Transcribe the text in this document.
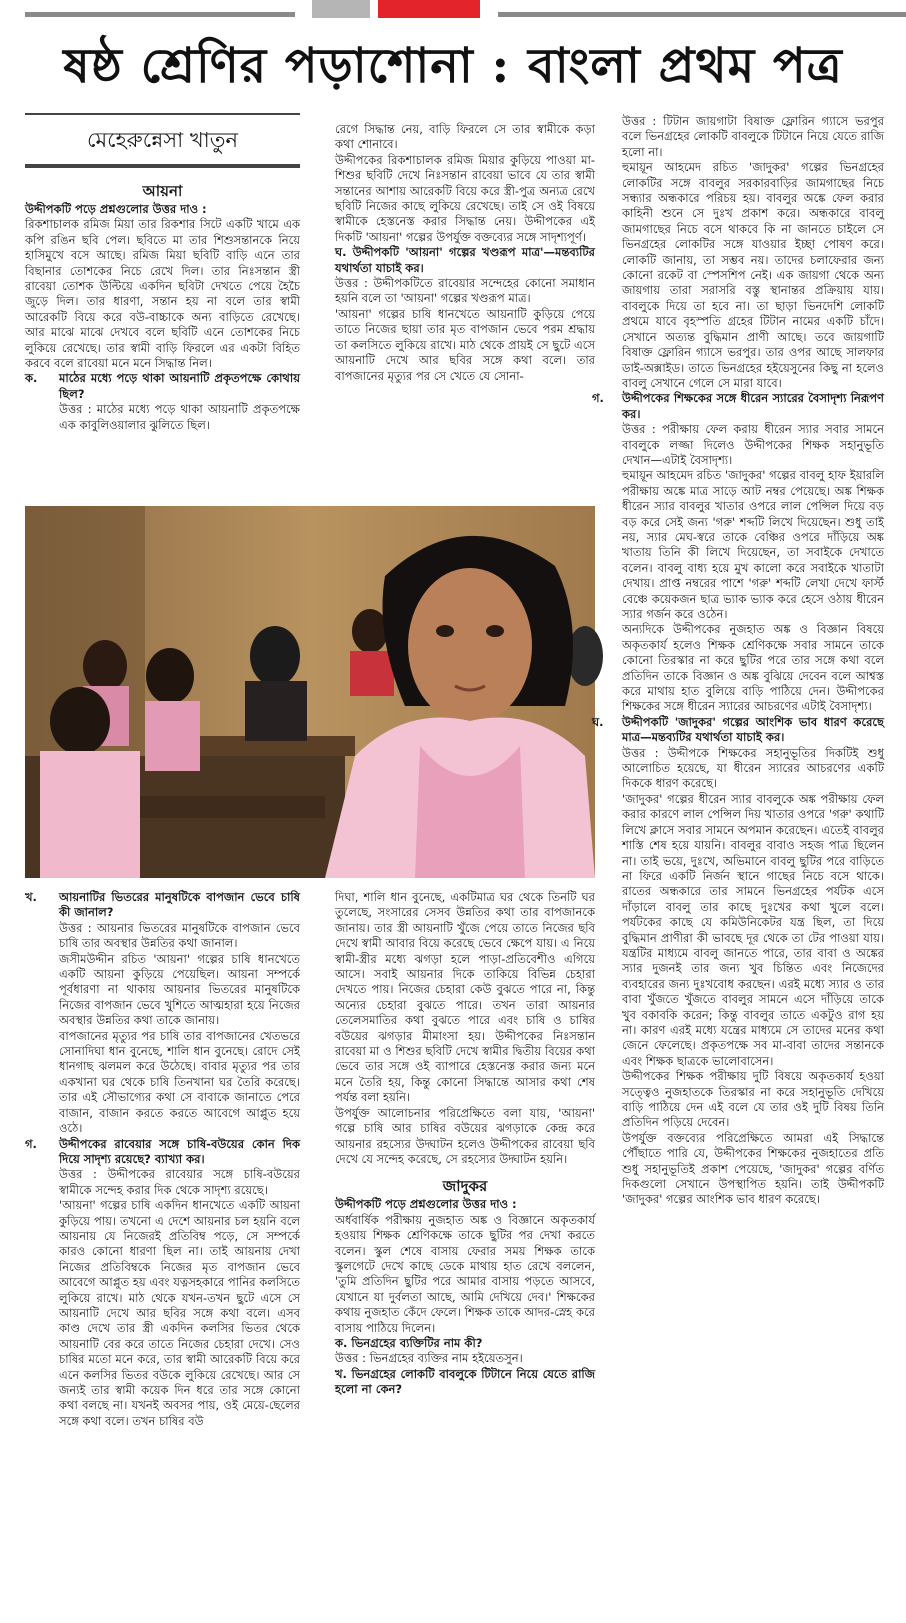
ষষ্ঠ শ্রেণির পড়াশোনা : বাংলা প্রথম পত্র
মেহেরুন্নেসা খাতুন

আয়না

উদ্দীপকটি পড়ে প্রশ্নগুলোর উত্তর দাও :

রিকশাচালক রমিজ মিয়া তার রিকশার সিটে একটি খামে এক কপি রঙিন ছবি পেল। ছবিতে মা তার শিশুসন্তানকে নিয়ে হাসিমুখে বসে আছে। রমিজ মিয়া ছবিটি বাড়ি এনে তার বিছানার তোশকের নিচে রেখে দিল। তার নিঃসন্তান স্ত্রী রাবেয়া তোশক উল্টিয়ে একদিন ছবিটা দেখতে পেয়ে হৈচৈ জুড়ে দিল। তার ধারণা, সন্তান হয় না বলে তার স্বামী আরেকটি বিয়ে করে বউ-বাচ্চাকে অন্য বাড়িতে রেখেছে। আর মাঝে মাঝে দেখবে বলে ছবিটি এনে তোশকের নিচে লুকিয়ে রেখেছে। তার স্বামী বাড়ি ফিরলে এর একটা বিহিত করবে বলে রাবেয়া মনে মনে সিদ্ধান্ত নিল।

ক.	মাঠের মধ্যে পড়ে থাকা আয়নাটি প্রকৃতপক্ষে কোথায় ছিল?

উত্তর : মাঠের মধ্যে পড়ে থাকা আয়নাটি প্রকৃতপক্ষে এক কাবুলিওয়ালার ঝুলিতে ছিল।

রেগে সিদ্ধান্ত নেয়, বাড়ি ফিরলে সে তার স্বামীকে কড়া কথা শোনাবে।

উদ্দীপকের রিকশাচালক রমিজ মিয়ার কুড়িয়ে পাওয়া মা-শিশুর ছবিটি দেখে নিঃসন্তান রাবেয়া ভাবে যে তার স্বামী সন্তানের আশায় আরেকটি বিয়ে করে স্ত্রী-পুত্র অন্যত্র রেখে ছবিটি নিজের কাছে লুকিয়ে রেখেছে। তাই সে ওই বিষয়ে স্বামীকে হেস্তনেস্ত করার সিদ্ধান্ত নেয়। উদ্দীপকের এই দিকটি 'আয়না' গল্পের উপর্যুক্ত বক্তব্যের সঙ্গে সাদৃশ্যপূর্ণ।

ঘ. উদ্দীপকটি 'আয়না' গল্পের খণ্ডরূপ মাত্র'—মন্তব্যটির যথার্থতা যাচাই কর।

উত্তর : উদ্দীপকটিতে রাবেয়ার সন্দেহের কোনো সমাধান হয়নি বলে তা 'আয়না' গল্পের খণ্ডরূপ মাত্র।

'আয়না' গল্পের চাষি ধানখেতে আয়নাটি কুড়িয়ে পেয়ে তাতে নিজের ছায়া তার মৃত বাপজান ভেবে পরম শ্রদ্ধায় তা কলসিতে লুকিয়ে রাখে। মাঠ থেকে প্রায়ই সে ছুটে এসে আয়নাটি দেখে আর ছবির সঙ্গে কথা বলে। তার বাপজানের মৃত্যুর পর সে খেতে যে সোনা-

উত্তর : টিটান জায়গাটা বিষাক্ত ফ্লোরিন গ্যাসে ভরপুর বলে ভিনগ্রহের লোকটি বাবলুকে টিটানে নিয়ে যেতে রাজি হলো না।

হুমায়ূন আহমেদ রচিত 'জাদুকর' গল্পের ভিনগ্রহের লোকটির সঙ্গে বাবলুর সরকারবাড়ির জামগাছের নিচে সন্ধ্যার অন্ধকারে পরিচয় হয়। বাবলুর অঙ্কে ফেল করার কাহিনী শুনে সে দুঃখ প্রকাশ করে। অন্ধকারে বাবলু জামগাছের নিচে বসে থাকবে কি না জানতে চাইলে সে ভিনগ্রহের লোকটির সঙ্গে যাওয়ার ইচ্ছা পোষণ করে। লোকটি জানায়, তা সম্ভব নয়। তাদের চলাফেরার জন্য কোনো রকেট বা স্পেসশিপ নেই। এক জায়গা থেকে অন্য জায়গায় তারা সরাসরি বস্তু স্থানান্তর প্রক্রিয়ায় যায়। বাবলুকে দিয়ে তা হবে না। তা ছাড়া ভিনদেশি লোকটি প্রথমে যাবে বৃহস্পতি গ্রহের টিটান নামের একটি চাঁদে। সেখানে অত্যন্ত বুদ্ধিমান প্রাণী আছে। তবে জায়গাটি বিষাক্ত ফ্লোরিন গ্যাসে ভরপুর। তার ওপর আছে সালফার ডাই-অক্সাইড। তাতে ভিনগ্রহের হইয়েসুনের কিছু না হলেও বাবলু সেখানে গেলে সে মারা যাবে।

গ.	উদ্দীপকের শিক্ষকের সঙ্গে ধীরেন স্যারের বৈসাদৃশ্য নিরূপণ কর।

উত্তর : পরীক্ষায় ফেল করায় ধীরেন স্যার সবার সামনে বাবলুকে লজ্জা দিলেও উদ্দীপকের শিক্ষক সহানুভূতি দেখান—এটাই বৈসাদৃশ্য।

হুমায়ূন আহমেদ রচিত 'জাদুকর' গল্পের বাবলু হাফ ইয়ারলি পরীক্ষায় অঙ্কে মাত্র সাড়ে আট নম্বর পেয়েছে। অঙ্ক শিক্ষক ধীরেন স্যার বাবলুর খাতার ওপরে লাল পেন্সিল দিয়ে বড় বড় করে সেই জন্য 'গরু' শব্দটি লিখে দিয়েছেন। শুধু তাই নয়, স্যার মেঘ-স্বরে তাকে বেঞ্চির ওপরে দাঁড়িয়ে অঙ্ক খাতায় তিনি কী লিখে দিয়েছেন, তা সবাইকে দেখাতে বলেন। বাবলু বাধ্য হয়ে মুখ কালো করে সবাইকে খাতাটা দেখায়। প্রাপ্ত নম্বরের পাশে 'গরু' শব্দটি লেখা দেখে ফার্স্ট বেঞ্চে কয়েকজন ছাত্র ভ্যাক ভ্যাক করে হেসে ওঠায় ধীরেন স্যার গর্জন করে ওঠেন।

অন্যদিকে উদ্দীপকের নুজহাত অঙ্ক ও বিজ্ঞান বিষয়ে অকৃতকার্য হলেও শিক্ষক শ্রেণিকক্ষে সবার সামনে তাকে কোনো তিরস্কার না করে ছুটির পরে তার সঙ্গে কথা বলে প্রতিদিন তাকে বিজ্ঞান ও অঙ্ক বুঝিয়ে দেবেন বলে আশ্বস্ত করে মাথায় হাত বুলিয়ে বাড়ি পাঠিয়ে দেন। উদ্দীপকের শিক্ষকের সঙ্গে ধীরেন স্যারের আচরণের এটাই বৈসাদৃশ্য।

ঘ.	উদ্দীপকটি 'জাদুকর' গল্পের আংশিক ভাব ধারণ করেছে মাত্র—মন্তব্যটির যথার্থতা যাচাই কর।

উত্তর : উদ্দীপকে শিক্ষকের সহানুভূতির দিকটিই শুধু আলোচিত হয়েছে, যা ধীরেন স্যারের আচরণের একটি দিককে ধারণ করেছে।

'জাদুকর' গল্পের ধীরেন স্যার বাবলুকে অঙ্ক পরীক্ষায় ফেল করার কারণে লাল পেন্সিল দিয় খাতার ওপরে 'গরু' কথাটি লিখে ক্লাসে সবার সামনে অপমান করেছেন। এতেই বাবলুর শাস্তি শেষ হয়ে যায়নি। বাবলুর বাবাও সহজ পাত্র ছিলেন না। তাই ভয়ে, দুঃখে, অভিমানে বাবলু ছুটির পরে বাড়িতে না ফিরে একটি নির্জন স্থানে গাছের নিচে বসে থাকে। রাতের অন্ধকারে তার সামনে ভিনগ্রহের পর্যটক এসে দাঁড়ালে বাবলু তার কাছে দুঃখের কথা খুলে বলে। পর্যটকের কাছে যে কমিউনিকেটর যন্ত্র ছিল, তা দিয়ে বুদ্ধিমান প্রাণীরা কী ভাবছে দূর থেকে তা টের পাওয়া যায়। যন্ত্রটির মাধ্যমে বাবলু জানতে পারে, তার বাবা ও অঙ্কের স্যার দুজনই তার জন্য খুব চিন্তিত এবং নিজেদের ব্যবহারের জন্য দুঃখবোধ করছেন। এরই মধ্যে স্যার ও তার বাবা খুঁজতে খুঁজতে বাবলুর সামনে এসে দাঁড়িয়ে তাকে খুব বকাবকি করেন; কিন্তু বাবলুর তাতে একটুও রাগ হয় না। কারণ এরই মধ্যে যন্ত্রের মাধ্যমে সে তাদের মনের কথা জেনে ফেলেছে। প্রকৃতপক্ষে সব মা-বাবা তাদের সন্তানকে এবং শিক্ষক ছাত্রকে ভালোবাসেন।

উদ্দীপকের শিক্ষক পরীক্ষায় দুটি বিষয়ে অকৃতকার্য হওয়া সত্ত্বেও নুজহাতকে তিরস্কার না করে সহানুভূতি দেখিয়ে বাড়ি পাঠিয়ে দেন এই বলে যে তার ওই দুটি বিষয় তিনি প্রতিদিন পড়িয়ে দেবেন।

উপর্যুক্ত বক্তব্যের পরিপ্রেক্ষিতে আমরা এই সিদ্ধান্তে পৌঁছাতে পারি যে, উদ্দীপকের শিক্ষকের নুজহাতের প্রতি শুধু সহানুভূতিই প্রকাশ পেয়েছে, 'জাদুকর' গল্পের বর্ণিত দিকগুলো সেখানে উপস্থাপিত হয়নি। তাই উদ্দীপকটি 'জাদুকর' গল্পের আংশিক ভাব ধারণ করেছে।

খ.	আয়নাটির ভিতরের মানুষটিকে বাপজান ভেবে চাষি কী জানাল?

উত্তর : আয়নার ভিতরের মানুষটিকে বাপজান ভেবে চাষি তার অবস্থার উন্নতির কথা জানাল।

জসীমউদ্দীন রচিত 'আয়না' গল্পের চাষি ধানখেতে একটি আয়না কুড়িয়ে পেয়েছিল। আয়না সম্পর্কে পূর্বধারণা না থাকায় আয়নার ভিতরের মানুষটিকে নিজের বাপজান ভেবে খুশিতে আত্মহারা হয়ে নিজের অবস্থার উন্নতির কথা তাকে জানায়।

বাপজানের মৃত্যুর পর চাষি তার বাপজানের খেতভরে সোনাদিঘা ধান বুনেছে, শালি ধান বুনেছে। রোদে সেই ধানগাছ ঝলমল করে উঠেছে। বাবার মৃত্যুর পর তার একখানা ঘর থেকে চাষি তিনখানা ঘর তৈরি করেছে। তার এই সৌভাগ্যের কথা সে বাবাকে জানাতে পেরে বাজান, বাজান করতে করতে আবেগে আপ্লুত হয়ে ওঠে।

গ.	উদ্দীপকের রাবেয়ার সঙ্গে চাষি-বউয়ের কোন দিক দিয়ে সাদৃশ্য রয়েছে? ব্যাখ্যা কর।

উত্তর : উদ্দীপকের রাবেয়ার সঙ্গে চাষি-বউয়ের স্বামীকে সন্দেহ করার দিক থেকে সাদৃশ্য রয়েছে।

'আয়না' গল্পের চাষি একদিন ধানখেতে একটি আয়না কুড়িয়ে পায়। তখনো এ দেশে আয়নার চল হয়নি বলে আয়নায় যে নিজেরই প্রতিবিম্ব পড়ে, সে সম্পর্কে কারও কোনো ধারণা ছিল না। তাই আয়নায় দেখা নিজের প্রতিবিম্বকে নিজের মৃত বাপজান ভেবে আবেগে আপ্লুত হয় এবং যত্নসহকারে পানির কলসিতে লুকিয়ে রাখে। মাঠ থেকে যখন-তখন ছুটে এসে সে আয়নাটি দেখে আর ছবির সঙ্গে কথা বলে। এসব কাণ্ড দেখে তার স্ত্রী একদিন কলসির ভিতর থেকে আয়নাটি বের করে তাতে নিজের চেহারা দেখে। সেও চাষির মতো মনে করে, তার স্বামী আরেকটি বিয়ে করে এনে কলসির ভিতর বউকে লুকিয়ে রেখেছে। আর সে জন্যই তার স্বামী কয়েক দিন ধরে তার সঙ্গে কোনো কথা বলছে না। যখনই অবসর পায়, ওই মেয়ে-ছেলের সঙ্গে কথা বলে। তখন চাষির বউ

দিঘা, শালি ধান বুনেছে, একটিমাত্র ঘর থেকে তিনটি ঘর তুলেছে, সংসারের সেসব উন্নতির কথা তার বাপজানকে জানায়। তার স্ত্রী আয়নাটি খুঁজে পেয়ে তাতে নিজের ছবি দেখে স্বামী আবার বিয়ে করেছে ভেবে ক্ষেপে যায়। এ নিয়ে স্বামী-স্ত্রীর মধ্যে ঝগড়া হলে পাড়া-প্রতিবেশীও এগিয়ে আসে। সবাই আয়নার দিকে তাকিয়ে বিভিন্ন চেহারা দেখতে পায়। নিজের চেহারা কেউ বুঝতে পারে না, কিন্তু অন্যের চেহারা বুঝতে পারে। তখন তারা আয়নার তেলেসমাতির কথা বুঝতে পারে এবং চাষি ও চাষির বউয়ের ঝগড়ার মীমাংসা হয়। উদ্দীপকের নিঃসন্তান রাবেয়া মা ও শিশুর ছবিটি দেখে স্বামীর দ্বিতীয় বিয়ের কথা ভেবে তার সঙ্গে ওই ব্যাপারে হেস্তনেস্ত করার জন্য মনে মনে তৈরি হয়, কিন্তু কোনো সিদ্ধান্তে আসার কথা শেষ পর্যন্ত বলা হয়নি।

উপর্যুক্ত আলোচনার পরিপ্রেক্ষিতে বলা যায়, 'আয়না' গল্পে চাষি আর চাষির বউয়ের ঝগড়াকে কেন্দ্র করে আয়নার রহস্যের উদ্ঘাটন হলেও উদ্দীপকের রাবেয়া ছবি দেখে যে সন্দেহ করেছে, সে রহস্যের উদ্ঘাটন হয়নি।

জাদুকর

উদ্দীপকটি পড়ে প্রশ্নগুলোর উত্তর দাও :

অর্ধবার্ষিক পরীক্ষায় নুজহাত অঙ্ক ও বিজ্ঞানে অকৃতকার্য হওয়ায় শিক্ষক শ্রেণিকক্ষে তাকে ছুটির পর দেখা করতে বলেন। স্কুল শেষে বাসায় ফেরার সময় শিক্ষক তাকে স্কুলগেটে দেখে কাছে ডেকে মাথায় হাত রেখে বললেন, 'তুমি প্রতিদিন ছুটির পরে আমার বাসায় পড়তে আসবে, যেখানে যা দুর্বলতা আছে, আমি দেখিয়ে দেব।' শিক্ষকের কথায় নুজহাত কেঁদে ফেলে। শিক্ষক তাকে আদর-স্নেহ করে বাসায় পাঠিয়ে দিলেন।

ক. ভিনগ্রহের ব্যক্তিটির নাম কী?

উত্তর : ভিনগ্রহের ব্যক্তির নাম হইয়েতসুন।

খ. ভিনগ্রহের লোকটি বাবলুকে টিটানে নিয়ে যেতে রাজি হলো না কেন?
